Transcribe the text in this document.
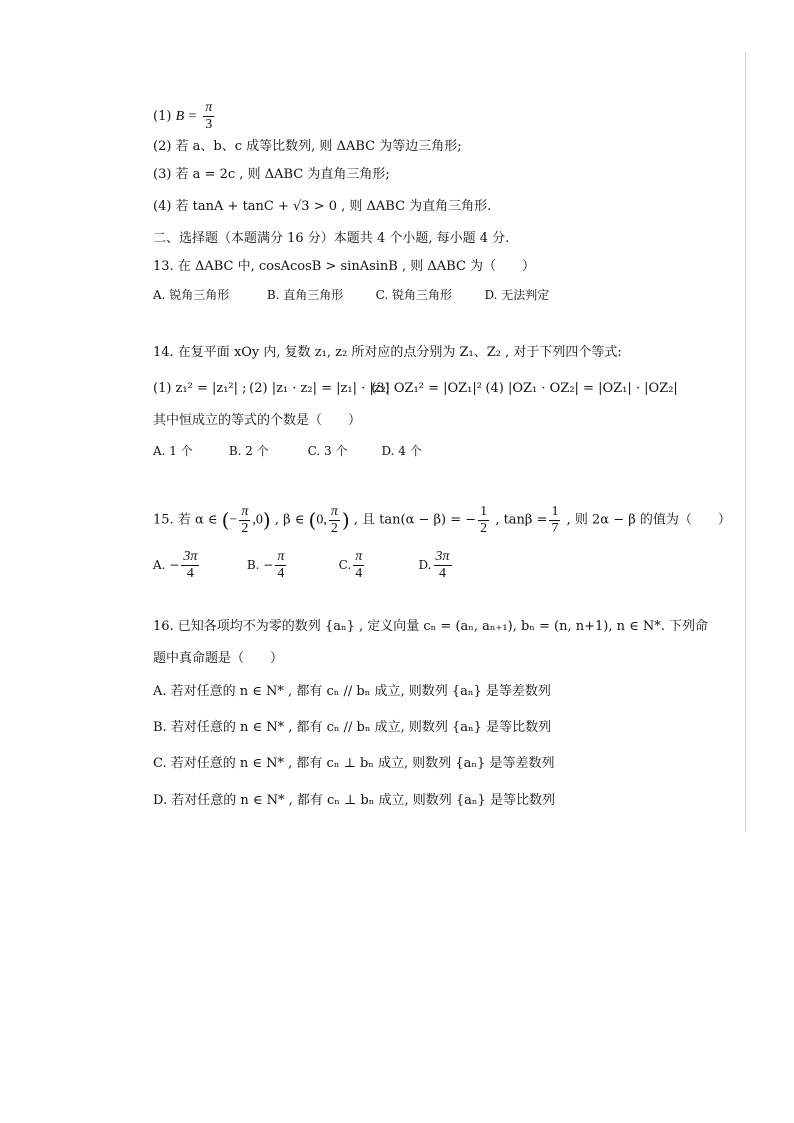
(1) $B = \frac{\pi}{3}$
(2) 若 a、b、c 成等比数列, 则 ΔABC 为等边三角形;
(3) 若 a = 2c , 则 ΔABC 为直角三角形;
(4) 若 tanA + tanC + √3 > 0 , 则 ΔABC 为直角三角形.
二、选择题（本题满分 16 分）本题共 4 个小题, 每小题 4 分.
13. 在 ΔABC 中, cosAcosB > sinAsinB , 则 ΔABC 为（　　）
A. 锐角三角形	B. 直角三角形	C. 锐角三角形	D. 无法判定
14. 在复平面 xOy 内, 复数 z₁, z₂ 所对应的点分别为 Z₁、Z₂ , 对于下列四个等式:
(1) z₁² = |z₁²| ; (2) |z₁ · z₂| = |z₁| · |z₂| (3) OZ₁² = |OZ₁|² (4) |OZ₁ · OZ₂| = |OZ₁| · |OZ₂|
其中恒成立的等式的个数是（　　）
A. 1 个	B. 2 个	C. 3 个	D. 4 个
15. 若 α ∈ (− $\frac{\pi}{2} ,0$) , β ∈ (0, $\frac{\pi}{2}$ ) , 且 tan(α − β) = − $\frac{1}{2}$ , $\tan\beta = \frac{1}{7}$ , 则 2α − β 的值为（　　）
A. − $\frac{3\pi}{4}$	B. − $\frac{\pi}{4}$	C. $\frac{\pi}{4}$	D. $\frac{3\pi}{4}$
16. 已知各项均不为零的数列 {aₙ} , 定义向量 cₙ = (aₙ, aₙ₊₁), bₙ = (n, n+1), n ∈ N*. 下列命
题中真命题是（　　）
A. 若对任意的 n ∈ N* , 都有 cₙ // bₙ 成立, 则数列 {aₙ} 是等差数列
B. 若对任意的 n ∈ N* , 都有 cₙ // bₙ 成立, 则数列 {aₙ} 是等比数列
C. 若对任意的 n ∈ N* , 都有 cₙ ⊥ bₙ 成立, 则数列 {aₙ} 是等差数列
D. 若对任意的 n ∈ N* , 都有 cₙ ⊥ bₙ 成立, 则数列 {aₙ} 是等比数列
